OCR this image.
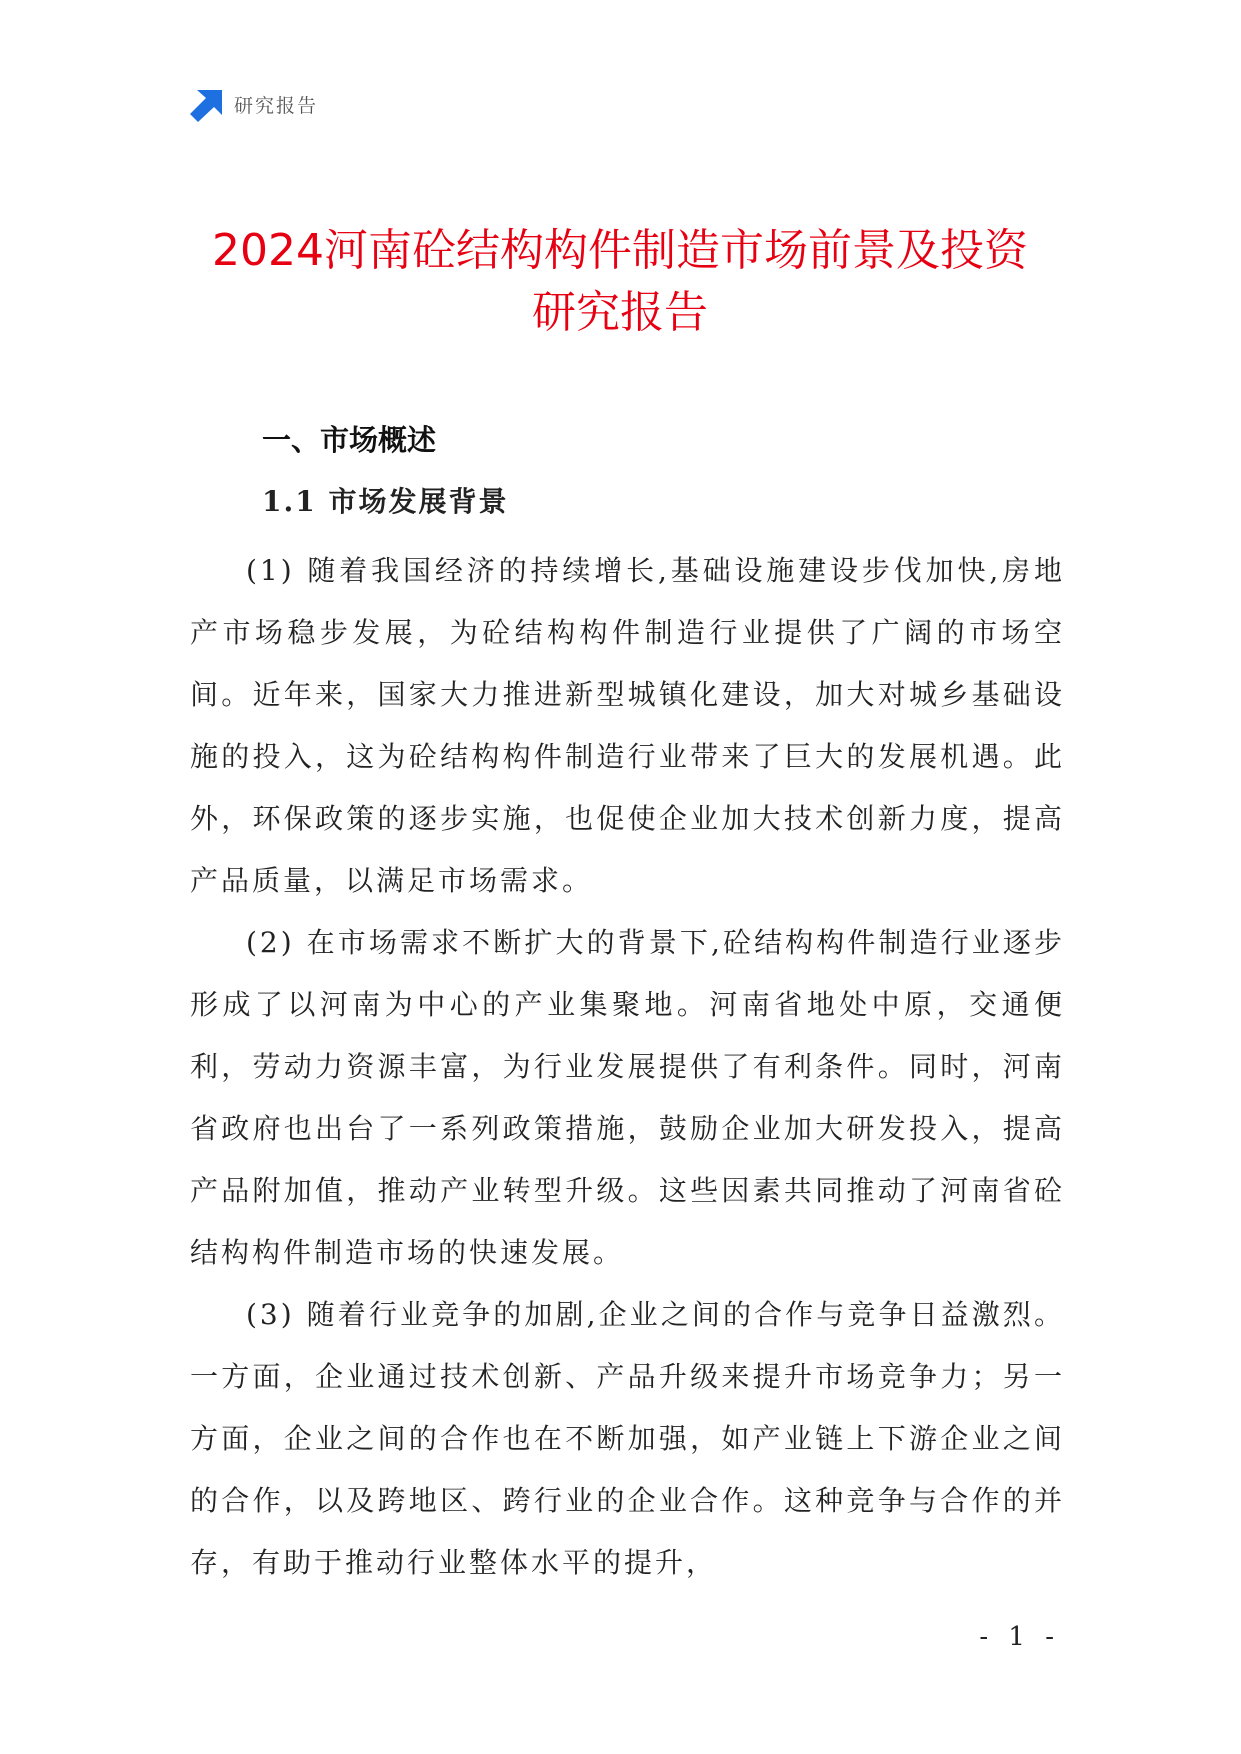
研究报告
2024河南砼结构构件制造市场前景及投资
研究报告
一、市场概述
1.1 市场发展背景

(1) 随着我国经济的持续增长,基础设施建设步伐加快,房地产市场稳步发展，为砼结构构件制造行业提供了广阔的市场空间。近年来，国家大力推进新型城镇化建设，加大对城乡基础设施的投入，这为砼结构构件制造行业带来了巨大的发展机遇。此外，环保政策的逐步实施，也促使企业加大技术创新力度，提高产品质量，以满足市场需求。

(2) 在市场需求不断扩大的背景下,砼结构构件制造行业逐步形成了以河南为中心的产业集聚地。河南省地处中原，交通便利，劳动力资源丰富，为行业发展提供了有利条件。同时，河南省政府也出台了一系列政策措施，鼓励企业加大研发投入，提高产品附加值，推动产业转型升级。这些因素共同推动了河南省砼结构构件制造市场的快速发展。

(3) 随着行业竞争的加剧,企业之间的合作与竞争日益激烈。一方面，企业通过技术创新、产品升级来提升市场竞争力；另一方面，企业之间的合作也在不断加强，如产业链上下游企业之间的合作，以及跨地区、跨行业的企业合作。这种竞争与合作的并存，有助于推动行业整体水平的提升，

- 1 -
